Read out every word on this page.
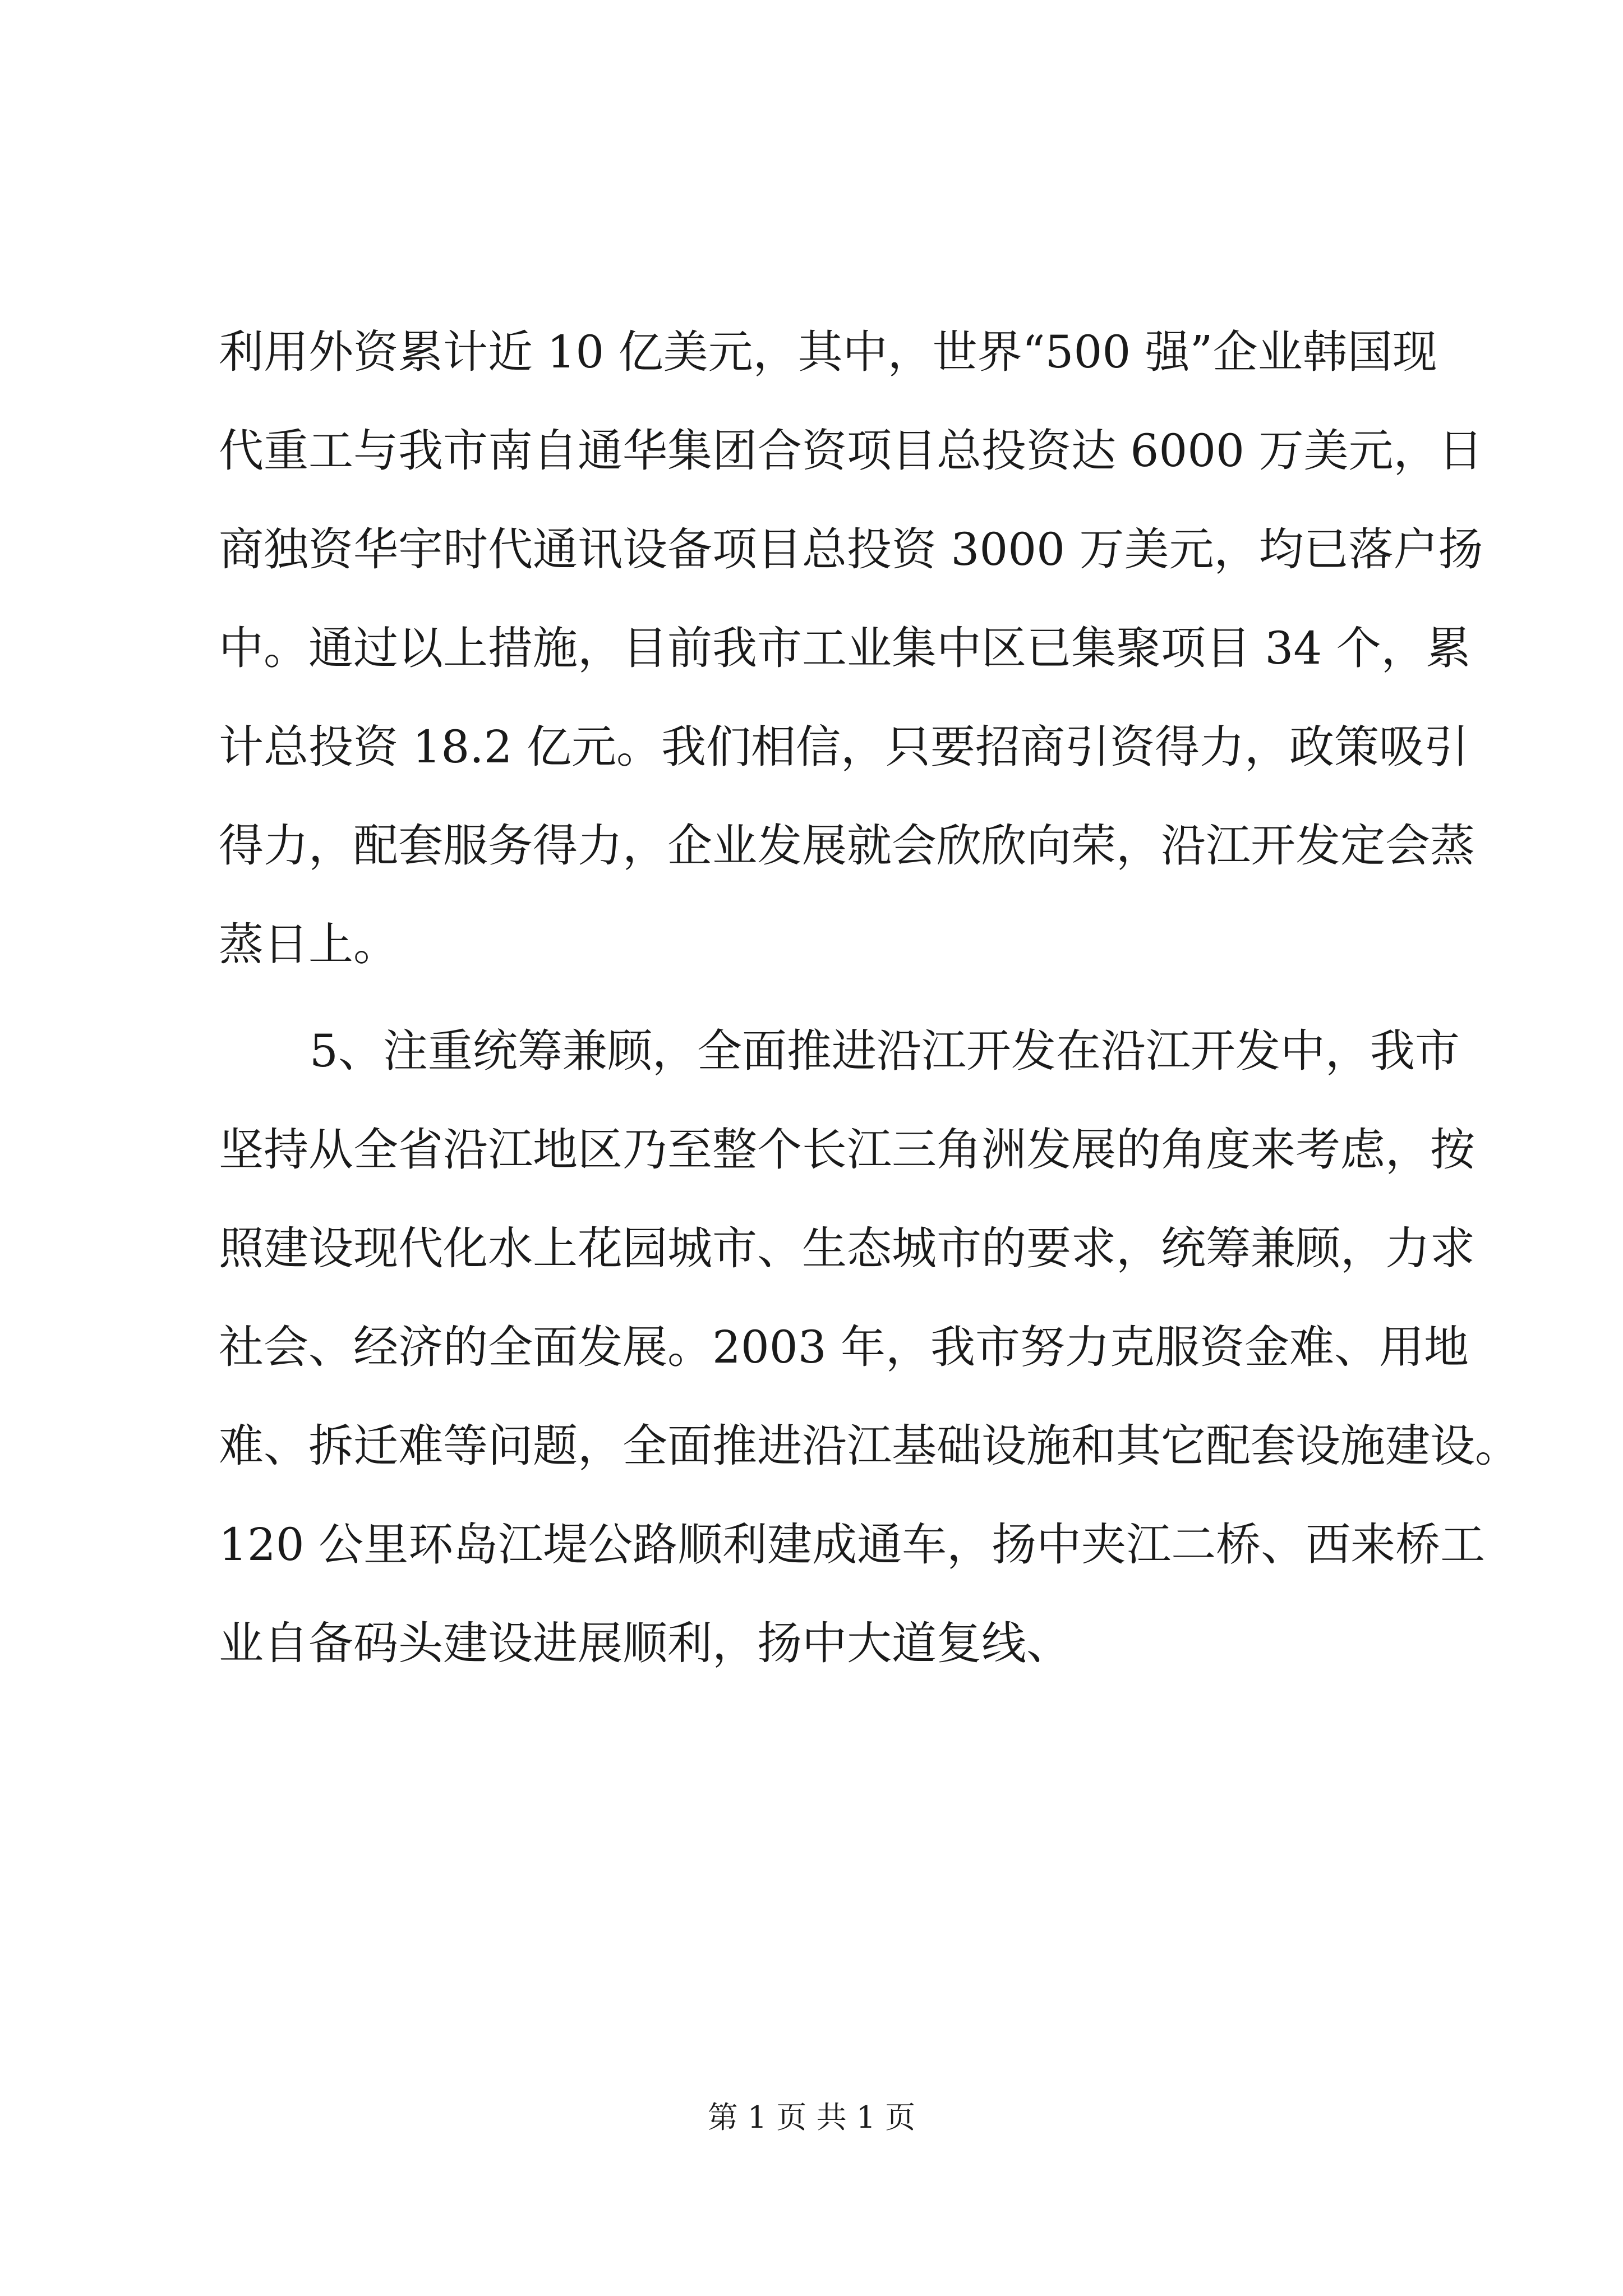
利用外资累计近 10 亿美元，其中，世界“500 强”企业韩国现
代重工与我市南自通华集团合资项目总投资达 6000 万美元，日
商独资华宇时代通讯设备项目总投资 3000 万美元，均已落户扬
中。通过以上措施，目前我市工业集中区已集聚项目 34 个，累
计总投资 18.2 亿元。我们相信，只要招商引资得力，政策吸引
得力，配套服务得力，企业发展就会欣欣向荣，沿江开发定会蒸
蒸日上。
5、注重统筹兼顾，全面推进沿江开发在沿江开发中，我市
坚持从全省沿江地区乃至整个长江三角洲发展的角度来考虑，按
照建设现代化水上花园城市、生态城市的要求，统筹兼顾，力求
社会、经济的全面发展。2003 年，我市努力克服资金难、用地
难、拆迁难等问题，全面推进沿江基础设施和其它配套设施建设。
120 公里环岛江堤公路顺利建成通车，扬中夹江二桥、西来桥工
业自备码头建设进展顺利，扬中大道复线、
第 1 页 共 1 页
